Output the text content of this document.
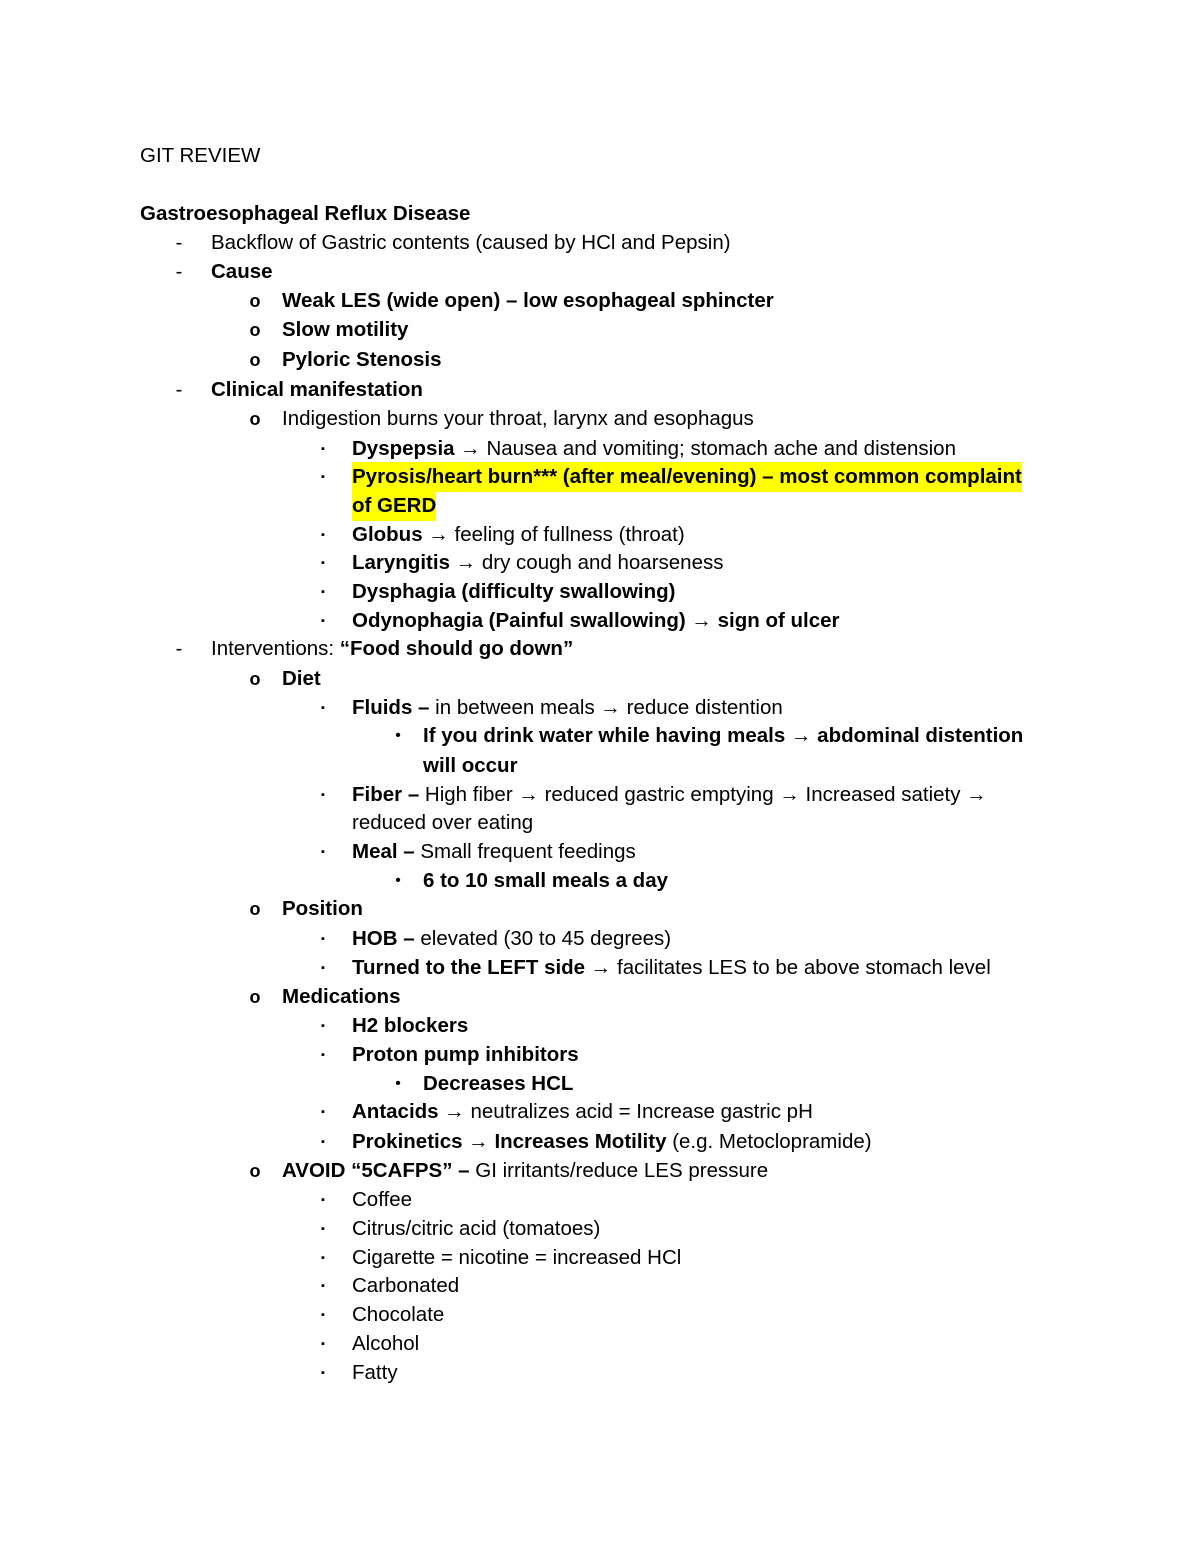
GIT REVIEW
Gastroesophageal Reflux Disease
-	Backflow of Gastric contents (caused by HCl and Pepsin)
-	Cause
o	Weak LES (wide open) – low esophageal sphincter
o	Slow motility
o	Pyloric Stenosis
-	Clinical manifestation
o	Indigestion burns your throat, larynx and esophagus
▪	Dyspepsia → Nausea and vomiting; stomach ache and distension
▪	Pyrosis/heart burn*** (after meal/evening) – most common complaint
of GERD
▪	Globus → feeling of fullness (throat)
▪	Laryngitis → dry cough and hoarseness
▪	Dysphagia (difficulty swallowing)
▪	Odynophagia (Painful swallowing) → sign of ulcer
-	Interventions: “Food should go down”
o	Diet
▪	Fluids – in between meals → reduce distention
•	If you drink water while having meals → abdominal distention
will occur
▪	Fiber – High fiber → reduced gastric emptying → Increased satiety →
reduced over eating
▪	Meal – Small frequent feedings
•	6 to 10 small meals a day
o	Position
▪	HOB – elevated (30 to 45 degrees)
▪	Turned to the LEFT side → facilitates LES to be above stomach level
o	Medications
▪	H2 blockers
▪	Proton pump inhibitors
•	Decreases HCL
▪	Antacids → neutralizes acid = Increase gastric pH
▪	Prokinetics → Increases Motility (e.g. Metoclopramide)
o	AVOID “5CAFPS” – GI irritants/reduce LES pressure
▪	Coffee
▪	Citrus/citric acid (tomatoes)
▪	Cigarette = nicotine = increased HCl
▪	Carbonated
▪	Chocolate
▪	Alcohol
▪	Fatty
